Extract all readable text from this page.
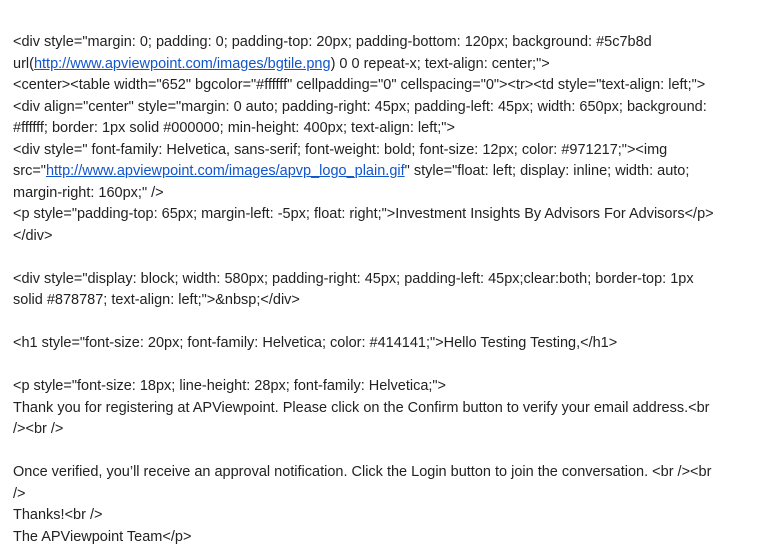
<div style="margin: 0; padding: 0; padding-top: 20px; padding-bottom: 120px; background: #5c7b8d
url(http://www.apviewpoint.com/images/bgtile.png) 0 0 repeat-x; text-align: center;">
<center><table width="652" bgcolor="#ffffff" cellpadding="0" cellspacing="0"><tr><td style="text-align: left;">
<div align="center" style="margin: 0 auto; padding-right: 45px; padding-left: 45px; width: 650px; background:
#ffffff; border: 1px solid #000000; min-height: 400px; text-align: left;">
<div style=" font-family: Helvetica, sans-serif; font-weight: bold; font-size: 12px; color: #971217;"><img
src="http://www.apviewpoint.com/images/apvp_logo_plain.gif" style="float: left; display: inline; width: auto;
margin-right: 160px;" />
<p style="padding-top: 65px; margin-left: -5px; float: right;">Investment Insights By Advisors For Advisors</p>
</div>
<div style="display: block; width: 580px; padding-right: 45px; padding-left: 45px;clear:both; border-top: 1px
solid #878787; text-align: left;">&nbsp;</div>
<h1 style="font-size: 20px; font-family: Helvetica; color: #414141;">Hello Testing Testing,</h1>
<p style="font-size: 18px; line-height: 28px; font-family: Helvetica;">
Thank you for registering at APViewpoint. Please click on the Confirm button to verify your email address.<br
/><br />
Once verified, you’ll receive an approval notification. Click the Login button to join the conversation. <br /><br
/>
Thanks!<br />
The APViewpoint Team</p>
